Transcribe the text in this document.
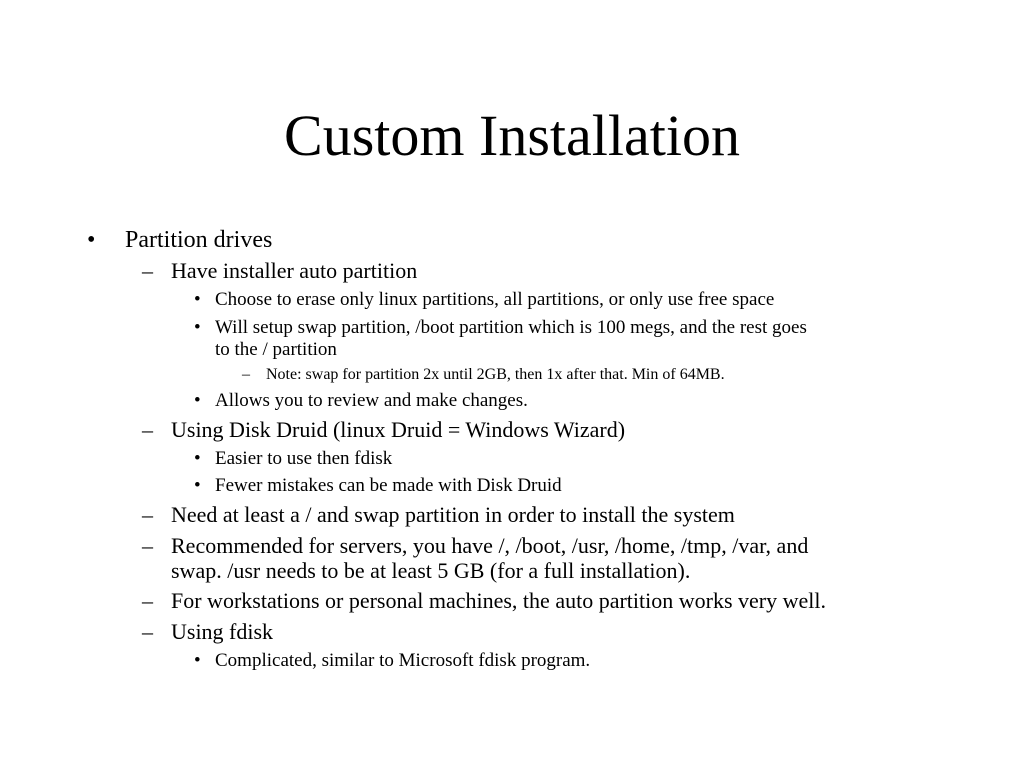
Custom Installation
• Partition drives
– Have installer auto partition
• Choose to erase only linux partitions, all partitions, or only use free space
• Will setup swap partition, /boot partition which is 100 megs, and the rest goes
to the / partition
– Note: swap for partition 2x until 2GB, then 1x after that. Min of 64MB.
• Allows you to review and make changes.
– Using Disk Druid (linux Druid = Windows Wizard)
• Easier to use then fdisk
• Fewer mistakes can be made with Disk Druid
– Need at least a / and swap partition in order to install the system
– Recommended for servers, you have /, /boot, /usr, /home, /tmp, /var, and
swap. /usr needs to be at least 5 GB (for a full installation).
– For workstations or personal machines, the auto partition works very well.
– Using fdisk
• Complicated, similar to Microsoft fdisk program.
